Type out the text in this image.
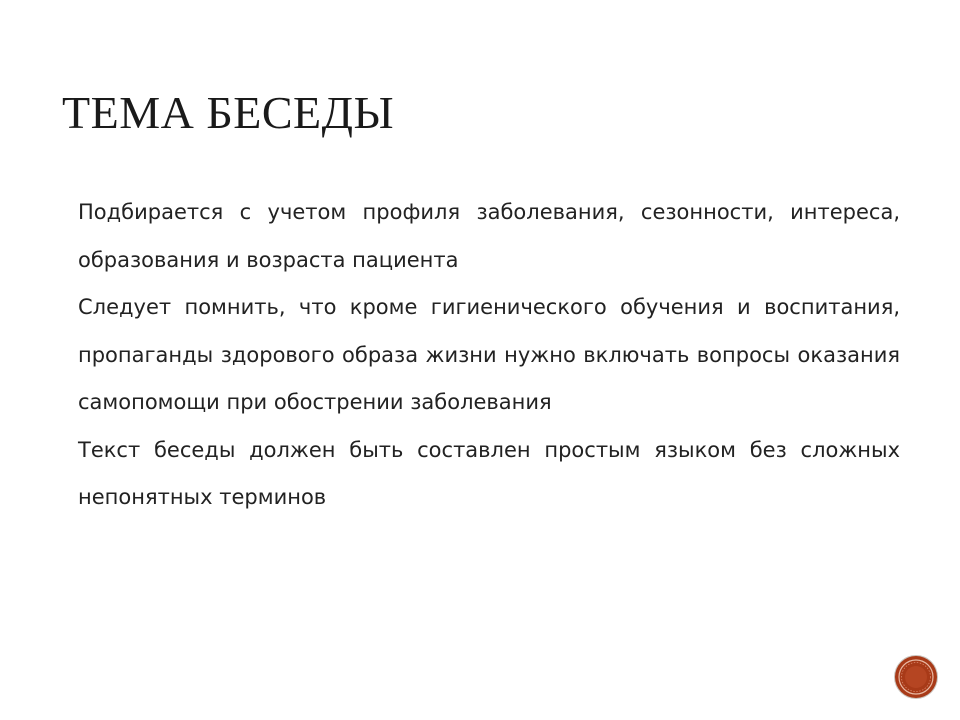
ТЕМА БЕСЕДЫ

Подбирается с учетом профиля заболевания, сезонности, интереса, образования и возраста пациента

Следует помнить, что кроме гигиенического обучения и воспитания, пропаганды здорового образа жизни нужно включать вопросы оказания самопомощи при обострении заболевания

Текст беседы должен быть составлен простым языком без сложных непонятных терминов
